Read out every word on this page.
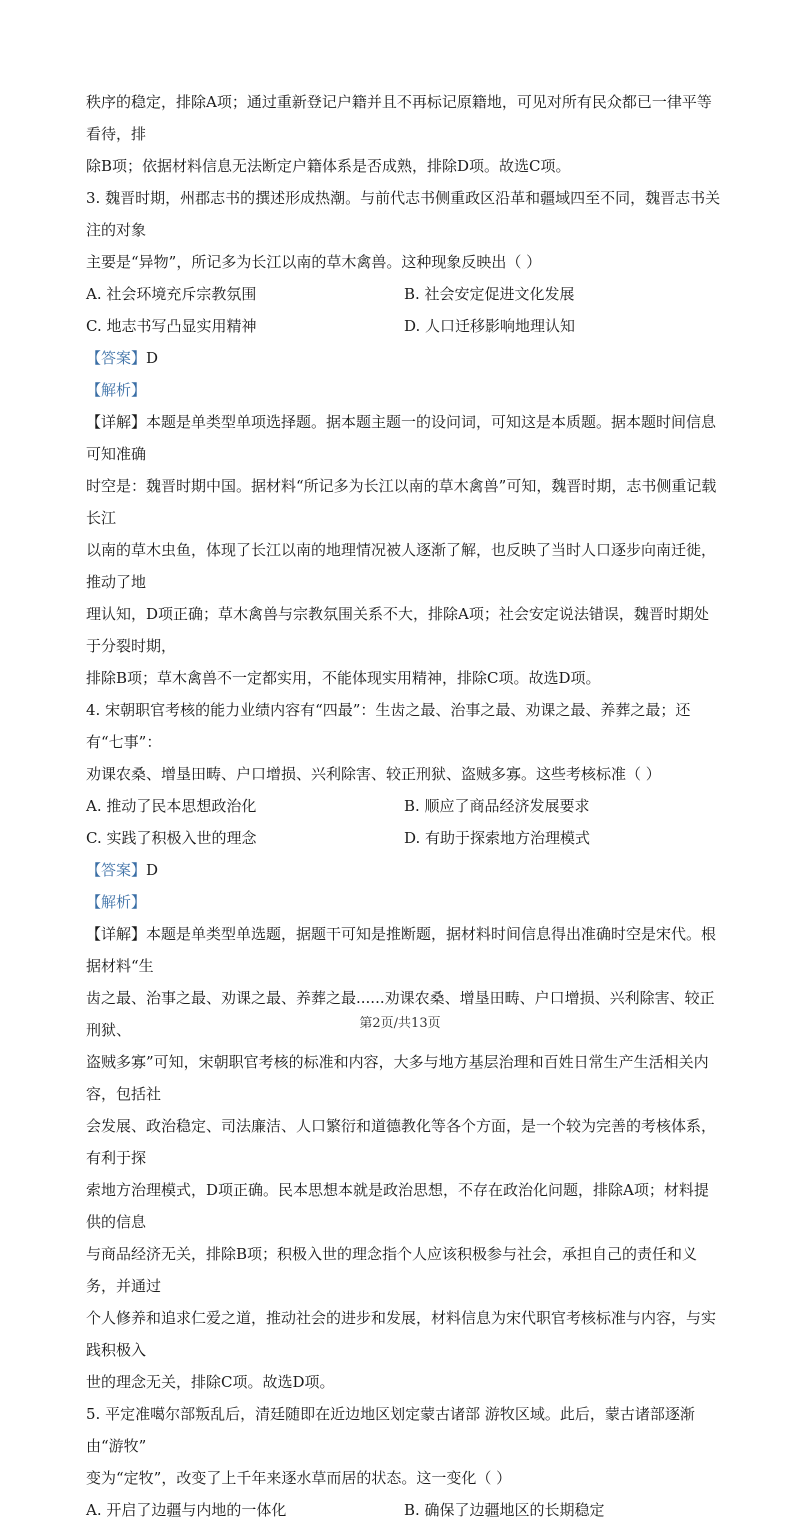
秩序的稳定，排除A项；通过重新登记户籍并且不再标记原籍地，可见对所有民众都已一律平等看待，排

除B项；依据材料信息无法断定户籍体系是否成熟，排除D项。故选C项。

3. 魏晋时期，州郡志书的撰述形成热潮。与前代志书侧重政区沿革和疆域四至不同，魏晋志书关注的对象

主要是“异物”，所记多为长江以南的草木禽兽。这种现象反映出（ ）

A. 社会环境充斥宗教氛围	B. 社会安定促进文化发展
C. 地志书写凸显实用精神	D. 人口迁移影响地理认知

【答案】D

【解析】

【详解】本题是单类型单项选择题。据本题主题一的设问词，可知这是本质题。据本题时间信息可知准确

时空是：魏晋时期中国。据材料“所记多为长江以南的草木禽兽”可知，魏晋时期，志书侧重记载长江

以南的草木虫鱼，体现了长江以南的地理情况被人逐渐了解，也反映了当时人口逐步向南迁徙，推动了地

理认知，D项正确；草木禽兽与宗教氛围关系不大，排除A项；社会安定说法错误，魏晋时期处于分裂时期，

排除B项；草木禽兽不一定都实用，不能体现实用精神，排除C项。故选D项。

4. 宋朝职官考核的能力业绩内容有“四最”：生齿之最、治事之最、劝课之最、养葬之最；还有“七事”：

劝课农桑、增垦田畴、户口增损、兴利除害、较正刑狱、盗贼多寡。这些考核标准（ ）

A. 推动了民本思想政治化	B. 顺应了商品经济发展要求
C. 实践了积极入世的理念	D. 有助于探索地方治理模式

【答案】D

【解析】

【详解】本题是单类型单选题，据题干可知是推断题，据材料时间信息得出准确时空是宋代。根据材料“生

齿之最、治事之最、劝课之最、养葬之最......劝课农桑、增垦田畴、户口增损、兴利除害、较正刑狱、

盗贼多寡”可知，宋朝职官考核的标准和内容，大多与地方基层治理和百姓日常生产生活相关内容，包括社

会发展、政治稳定、司法廉洁、人口繁衍和道德教化等各个方面，是一个较为完善的考核体系，有利于探

索地方治理模式，D项正确。民本思想本就是政治思想，不存在政治化问题，排除A项；材料提供的信息

与商品经济无关，排除B项；积极入世的理念指个人应该积极参与社会，承担自己的责任和义务，并通过

个人修养和追求仁爱之道，推动社会的进步和发展，材料信息为宋代职官考核标准与内容，与实践积极入

世的理念无关，排除C项。故选D项。

5. 平定准噶尔部叛乱后，清廷随即在近边地区划定蒙古诸部 游牧区域。此后，蒙古诸部逐渐由“游牧”

变为“定牧”，改变了上千年来逐水草而居的状态。这一变化（ ）

A. 开启了边疆与内地的一体化	B. 确保了边疆地区的长期稳定
第2页/共13页
